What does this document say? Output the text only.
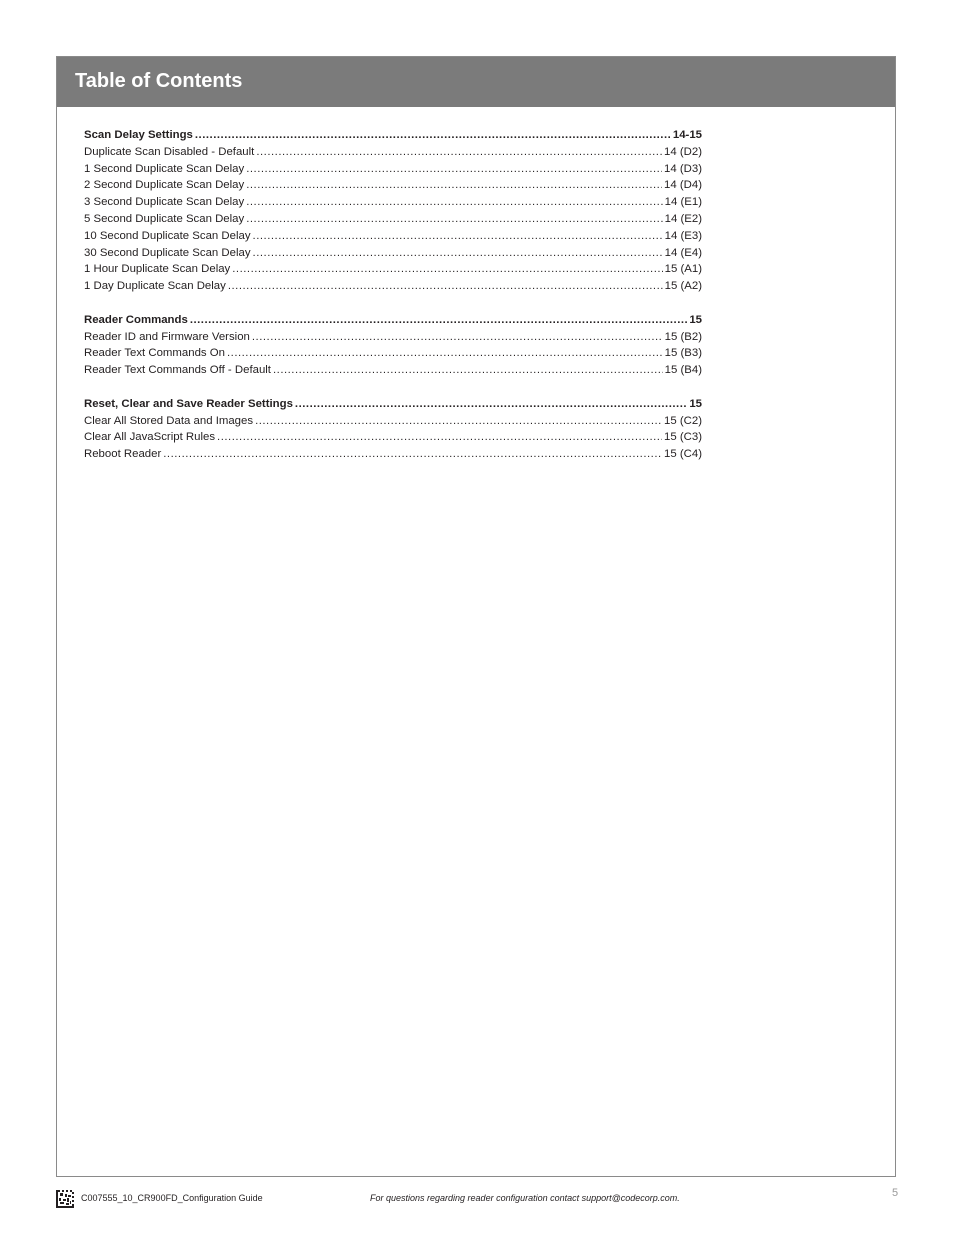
Table of Contents
Scan Delay Settings .....	14-15
Duplicate Scan Disabled - Default .....	14 (D2)
1 Second Duplicate Scan Delay .....	14 (D3)
2 Second Duplicate Scan Delay .....	14 (D4)
3 Second Duplicate Scan Delay .....	14 (E1)
5 Second Duplicate Scan Delay .....	14 (E2)
10 Second Duplicate Scan Delay .....	14 (E3)
30 Second Duplicate Scan Delay .....	14 (E4)
1 Hour Duplicate Scan Delay .....	15 (A1)
1 Day Duplicate Scan Delay .....	15 (A2)
Reader Commands .....	15
Reader ID and Firmware Version .....	15 (B2)
Reader Text Commands On .....	15 (B3)
Reader Text Commands Off - Default .....	15 (B4)
Reset, Clear and Save Reader Settings .....	15
Clear All Stored Data and Images .....	15 (C2)
Clear All JavaScript Rules .....	15 (C3)
Reboot Reader .....	15 (C4)
C007555_10_CR900FD_Configuration Guide	For questions regarding reader configuration contact support@codecorp.com.	5
